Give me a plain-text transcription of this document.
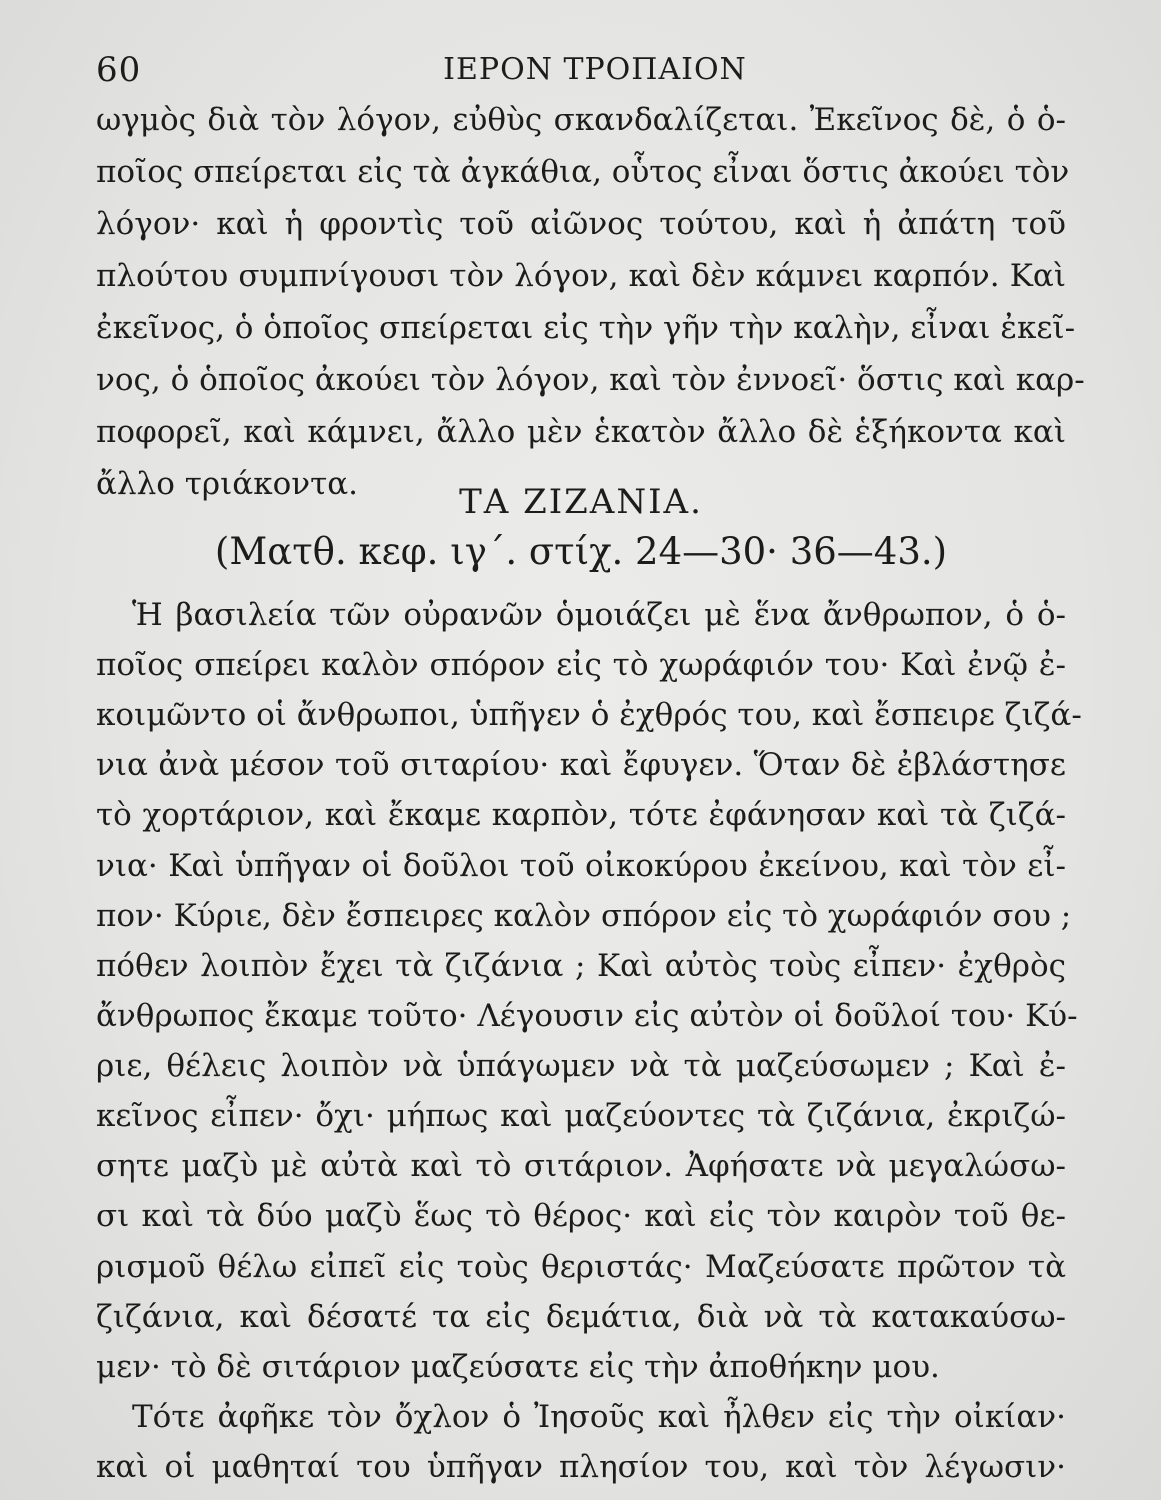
60	ΙΕΡΟΝ ΤΡΟΠΑΙΟΝ
ωγμὸς διὰ τὸν λόγον, εὐθὺς σκανδαλίζεται. Ἐκεῖνος δὲ, ὁ ὁ-
ποῖος σπείρεται εἰς τὰ ἀγκάθια, οὗτος εἶναι ὅστις ἀκούει τὸν
λόγον· καὶ ἡ φροντὶς τοῦ αἰῶνος τούτου, καὶ ἡ ἀπάτη τοῦ
πλούτου συμπνίγουσι τὸν λόγον, καὶ δὲν κάμνει καρπόν. Καὶ
ἐκεῖνος, ὁ ὁποῖος σπείρεται εἰς τὴν γῆν τὴν καλὴν, εἶναι ἐκεῖ-
νος, ὁ ὁποῖος ἀκούει τὸν λόγον, καὶ τὸν ἐννοεῖ· ὅστις καὶ καρ-
ποφορεῖ, καὶ κάμνει, ἄλλο μὲν ἑκατὸν ἄλλο δὲ ἑξήκοντα καὶ
ἄλλο τριάκοντα.	ΤΑ ΖΙΖΑΝΙΑ.
(Ματθ. κεφ. ιγ΄. στίχ. 24—30· 36—43.)
Ἡ βασιλεία τῶν οὐρανῶν ὁμοιάζει μὲ ἕνα ἄνθρωπον, ὁ ὁ-
ποῖος σπείρει καλὸν σπόρον εἰς τὸ χωράφιόν του· Καὶ ἐνῷ ἐ-
κοιμῶντο οἱ ἄνθρωποι, ὑπῆγεν ὁ ἐχθρός του, καὶ ἔσπειρε ζιζά-
νια ἀνὰ μέσον τοῦ σιταρίου· καὶ ἔφυγεν. Ὅταν δὲ ἐβλάστησε
τὸ χορτάριον, καὶ ἔκαμε καρπὸν, τότε ἐφάνησαν καὶ τὰ ζιζά-
νια· Καὶ ὑπῆγαν οἱ δοῦλοι τοῦ οἰκοκύρου ἐκείνου, καὶ τὸν εἶ-
πον· Κύριε, δὲν ἔσπειρες καλὸν σπόρον εἰς τὸ χωράφιόν σου ;
πόθεν λοιπὸν ἔχει τὰ ζιζάνια ; Καὶ αὐτὸς τοὺς εἶπεν· ἐχθρὸς
ἄνθρωπος ἔκαμε τοῦτο· Λέγουσιν εἰς αὐτὸν οἱ δοῦλοί του· Κύ-
ριε, θέλεις λοιπὸν νὰ ὑπάγωμεν νὰ τὰ μαζεύσωμεν ; Καὶ ἐ-
κεῖνος εἶπεν· ὄχι· μήπως καὶ μαζεύοντες τὰ ζιζάνια, ἐκριζώ-
σητε μαζὺ μὲ αὐτὰ καὶ τὸ σιτάριον. Ἀφήσατε νὰ μεγαλώσω-
σι καὶ τὰ δύο μαζὺ ἕως τὸ θέρος· καὶ εἰς τὸν καιρὸν τοῦ θε-
ρισμοῦ θέλω εἰπεῖ εἰς τοὺς θεριστάς· Μαζεύσατε πρῶτον τὰ
ζιζάνια, καὶ δέσατέ τα εἰς δεμάτια, διὰ νὰ τὰ κατακαύσω-
μεν· τὸ δὲ σιτάριον μαζεύσατε εἰς τὴν ἀποθήκην μου.
Τότε ἀφῆκε τὸν ὄχλον ὁ Ἰησοῦς καὶ ἦλθεν εἰς τὴν οἰκίαν·
καὶ οἱ μαθηταί του ὑπῆγαν πλησίον του, καὶ τὸν λέγωσιν·
